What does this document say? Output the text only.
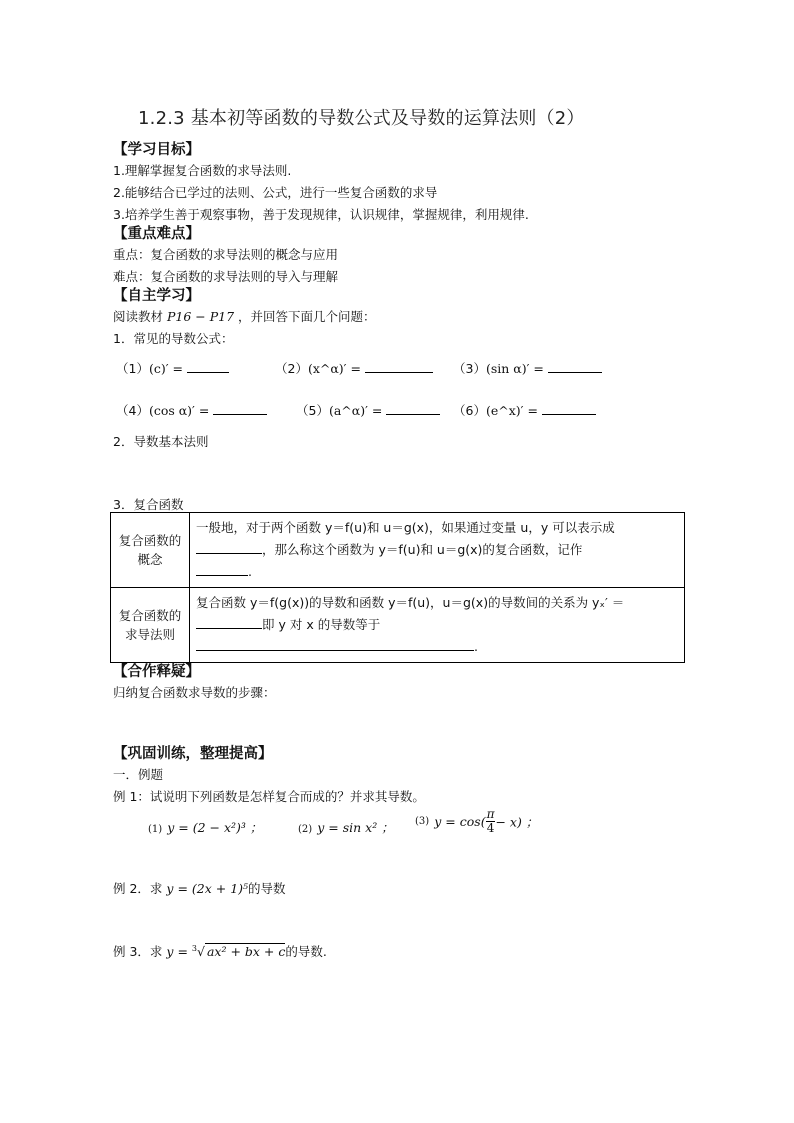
1.2.3 基本初等函数的导数公式及导数的运算法则（2）
【学习目标】
1.理解掌握复合函数的求导法则.
2.能够结合已学过的法则、公式，进行一些复合函数的求导
3.培养学生善于观察事物，善于发现规律，认识规律，掌握规律，利用规律.
【重点难点】
重点：复合函数的求导法则的概念与应用
难点：复合函数的求导法则的导入与理解
【自主学习】
阅读教材 P16 − P17 ，并回答下面几个问题：
1．常见的导数公式：
（1）(c)′ =	（2）(x^α)′ =	（3）(sin α)′ =
（4）(cos α)′ =	（5）(a^α)′ =	（6）(e^x)′ =
2．导数基本法则
3．复合函数
复合函数的概念	一般地，对于两个函数 y＝f(u)和 u＝g(x)，如果通过变量 u，y 可以表示成
，那么称这个函数为 y＝f(u)和 u＝g(x)的复合函数，记作
.
复合函数的求导法则	复合函数 y＝f(g(x))的导数和函数 y＝f(u)，u＝g(x)的导数间的关系为 yₓ′ ＝
即 y 对 x 的导数等于
.
【合作释疑】
归纳复合函数求导数的步骤：
【巩固训练，整理提高】
一．例题
例 1：试说明下列函数是怎样复合而成的？并求其导数。
(1) y = (2 − x²)³ ；	(2) y = sin x² ； (3) $y = \cos( \frac{\pi}{4} - x)$ ；
例 2．求 y = (2x + 1)⁵的导数
例 3．求 y = $^3$√ ax² + bx + c的导数.
